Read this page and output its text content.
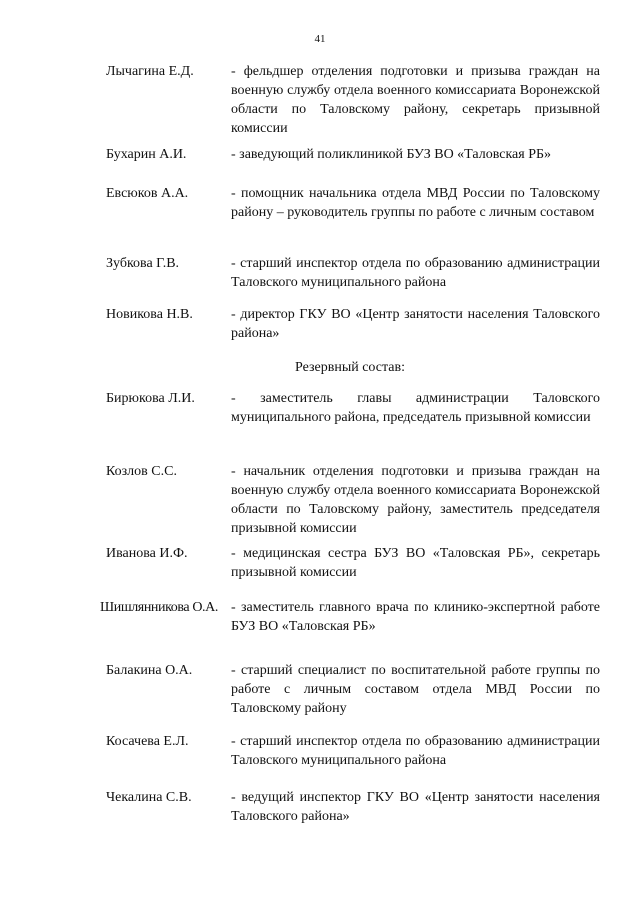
41
Лычагина Е.Д.	- фельдшер отделения подготовки и призыва граждан на военную службу отдела военного комиссариата Воронежской области по Таловскому району, секретарь призывной комиссии
Бухарин А.И.	- заведующий поликлиникой БУЗ ВО «Таловская РБ»
Евсюков А.А.	- помощник начальника отдела МВД России по Таловскому району – руководитель группы по работе с личным составом
Зубкова Г.В.	- старший инспектор отдела по образованию администрации Таловского муниципального района
Новикова Н.В.	- директор ГКУ ВО «Центр занятости населения Таловского района»
Резервный состав:
Бирюкова Л.И.	- заместитель главы администрации Таловского муниципального района, председатель призывной комиссии
Козлов С.С.	- начальник отделения подготовки и призыва граждан на военную службу отдела военного комиссариата Воронежской области по Таловскому району, заместитель председателя призывной комиссии
Иванова И.Ф.	- медицинская сестра БУЗ ВО «Таловская РБ», секретарь призывной комиссии
Шишлянникова О.А. - заместитель главного врача по клинико-экспертной работе БУЗ ВО «Таловская РБ»
Балакина О.А.	- старший специалист по воспитательной работе группы по работе с личным составом отдела МВД России по Таловскому району
Косачева Е.Л.	- старший инспектор отдела по образованию администрации Таловского муниципального района
Чекалина С.В.	- ведущий инспектор ГКУ ВО «Центр занятости населения Таловского района»
